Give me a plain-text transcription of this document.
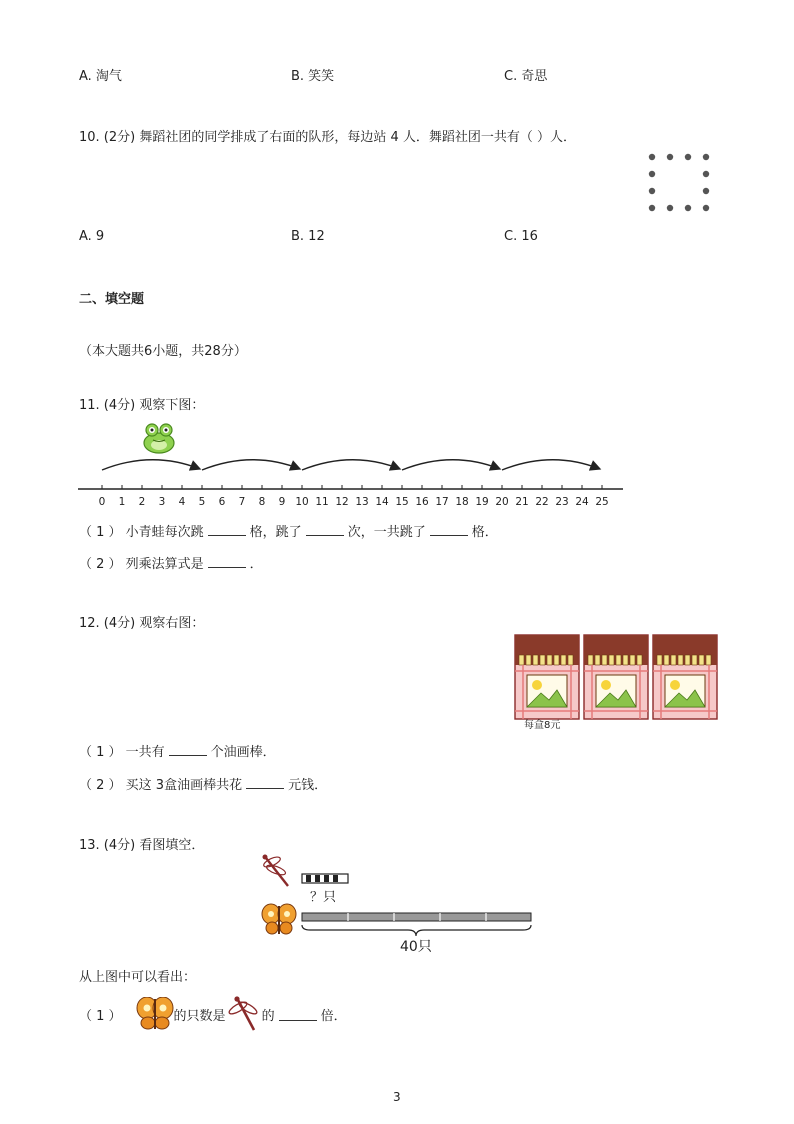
A. 淘气	B. 笑笑	C. 奇思
10. (2分) 舞蹈社团的同学排成了右面的队形，每边站 4 人．舞蹈社团一共有（ ）人．
A. 9	B. 12	C. 16
二、填空题
（本大题共6小题，共28分）
11. (4分) 观察下图：
0 1 2 3 4 5 6 7 8 9 10 11 12 13 14 15 16 17 18 19 20 21 22 23 24 25
（ 1 ） 小青蛙每次跳	格，跳了	次，一共跳了	格．
（ 2 ） 列乘法算式是	．
12. (4分) 观察右图：
每盒8元
（ 1 ） 一共有	个油画棒．
（ 2 ） 买这 3盒油画棒共花	元钱．
13. (4分) 看图填空．
？只
40只
从上图中可以看出：
（ 1 ）	的只数是	的	倍．
3
